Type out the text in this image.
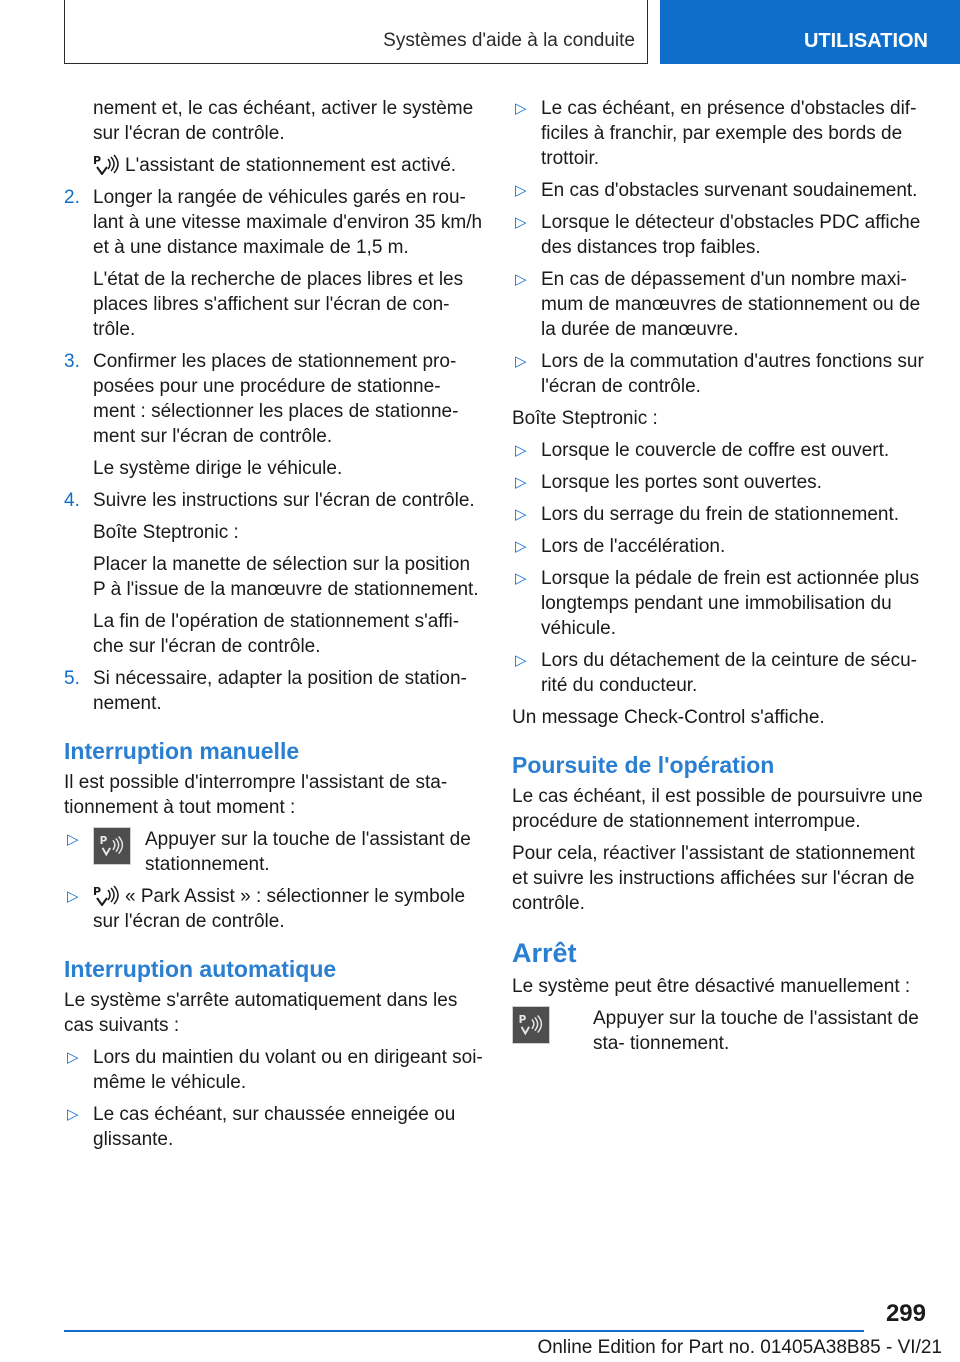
Systèmes d'aide à la conduite	UTILISATION

nement et, le cas échéant, activer le système sur l'écran de contrôle.

P L'assistant de stationnement est activé.

2. Longer la rangée de véhicules garés en rou- lant à une vitesse maximale d'environ 35 km/h et à une distance maximale de 1,5 m.

L'état de la recherche de places libres et les places libres s'affichent sur l'écran de con- trôle.

3. Confirmer les places de stationnement pro- posées pour une procédure de stationne- ment : sélectionner les places de stationne- ment sur l'écran de contrôle.

Le système dirige le véhicule.

4. Suivre les instructions sur l'écran de contrôle.

Boîte Steptronic :

Placer la manette de sélection sur la position P à l'issue de la manœuvre de stationnement.

La fin de l'opération de stationnement s'affi- che sur l'écran de contrôle.

5. Si nécessaire, adapter la position de station- nement.

Interruption manuelle

Il est possible d'interrompre l'assistant de sta- tionnement à tout moment :

▷ P Appuyer sur la touche de l'assistant de stationnement.
▷ P « Park Assist » : sélectionner le symbole sur l'écran de contrôle.
Interruption automatique

Le système s'arrête automatiquement dans les cas suivants :

▷ Lors du maintien du volant ou en dirigeant soi-même le véhicule.
▷ Le cas échéant, sur chaussée enneigée ou glissante.
▷ Le cas échéant, en présence d'obstacles dif- ficiles à franchir, par exemple des bords de trottoir.
▷ En cas d'obstacles survenant soudainement.
▷ Lorsque le détecteur d'obstacles PDC affiche des distances trop faibles.
▷ En cas de dépassement d'un nombre maxi- mum de manœuvres de stationnement ou de la durée de manœuvre.
▷ Lors de la commutation d'autres fonctions sur l'écran de contrôle.

Boîte Steptronic :

▷ Lorsque le couvercle de coffre est ouvert.
▷ Lorsque les portes sont ouvertes.
▷ Lors du serrage du frein de stationnement.
▷ Lors de l'accélération.
▷ Lorsque la pédale de frein est actionnée plus longtemps pendant une immobilisation du véhicule.
▷ Lors du détachement de la ceinture de sécu- rité du conducteur.

Un message Check-Control s'affiche.

Poursuite de l'opération

Le cas échéant, il est possible de poursuivre une procédure de stationnement interrompue.

Pour cela, réactiver l'assistant de stationnement et suivre les instructions affichées sur l'écran de contrôle.

Arrêt

Le système peut être désactivé manuellement :

P	Appuyer sur la touche de l'assistant de sta- tionnement.
299
Online Edition for Part no. 01405A38B85 - VI/21
